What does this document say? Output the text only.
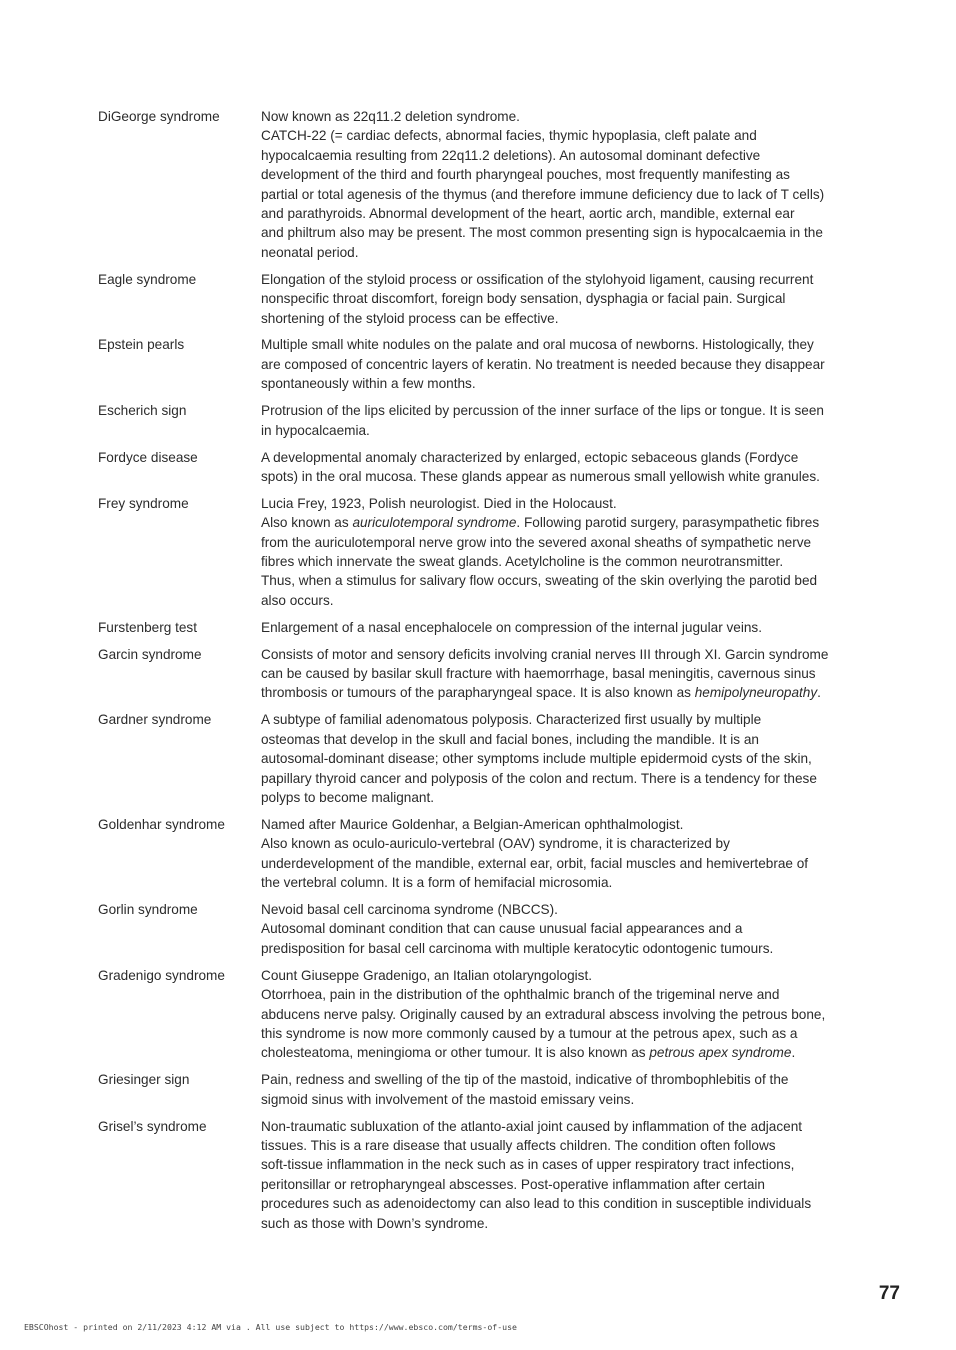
DiGeorge syndrome	Now known as 22q11.2 deletion syndrome.
CATCH-22 (= cardiac defects, abnormal facies, thymic hypoplasia, cleft palate and
hypocalcaemia resulting from 22q11.2 deletions). An autosomal dominant defective
development of the third and fourth pharyngeal pouches, most frequently manifesting as
partial or total agenesis of the thymus (and therefore immune deficiency due to lack of T cells)
and parathyroids. Abnormal development of the heart, aortic arch, mandible, external ear
and philtrum also may be present. The most common presenting sign is hypocalcaemia in the
neonatal period.
Eagle syndrome	Elongation of the styloid process or ossification of the stylohyoid ligament, causing recurrent
nonspecific throat discomfort, foreign body sensation, dysphagia or facial pain. Surgical
shortening of the styloid process can be effective.
Epstein pearls	Multiple small white nodules on the palate and oral mucosa of newborns. Histologically, they
are composed of concentric layers of keratin. No treatment is needed because they disappear
spontaneously within a few months.
Escherich sign	Protrusion of the lips elicited by percussion of the inner surface of the lips or tongue. It is seen
in hypocalcaemia.
Fordyce disease	A developmental anomaly characterized by enlarged, ectopic sebaceous glands (Fordyce
spots) in the oral mucosa. These glands appear as numerous small yellowish white granules.
Frey syndrome	Lucia Frey, 1923, Polish neurologist. Died in the Holocaust.
Also known as auriculotemporal syndrome. Following parotid surgery, parasympathetic fibres
from the auriculotemporal nerve grow into the severed axonal sheaths of sympathetic nerve
fibres which innervate the sweat glands. Acetylcholine is the common neurotransmitter.
Thus, when a stimulus for salivary flow occurs, sweating of the skin overlying the parotid bed
also occurs.
Furstenberg test	Enlargement of a nasal encephalocele on compression of the internal jugular veins.
Garcin syndrome	Consists of motor and sensory deficits involving cranial nerves III through XI. Garcin syndrome
can be caused by basilar skull fracture with haemorrhage, basal meningitis, cavernous sinus
thrombosis or tumours of the parapharyngeal space. It is also known as hemipolyneuropathy.
Gardner syndrome	A subtype of familial adenomatous polyposis. Characterized first usually by multiple
osteomas that develop in the skull and facial bones, including the mandible. It is an
autosomal-dominant disease; other symptoms include multiple epidermoid cysts of the skin,
papillary thyroid cancer and polyposis of the colon and rectum. There is a tendency for these
polyps to become malignant.
Goldenhar syndrome	Named after Maurice Goldenhar, a Belgian-American ophthalmologist.
Also known as oculo-auriculo-vertebral (OAV) syndrome, it is characterized by
underdevelopment of the mandible, external ear, orbit, facial muscles and hemivertebrae of
the vertebral column. It is a form of hemifacial microsomia.
Gorlin syndrome	Nevoid basal cell carcinoma syndrome (NBCCS).
Autosomal dominant condition that can cause unusual facial appearances and a
predisposition for basal cell carcinoma with multiple keratocytic odontogenic tumours.
Gradenigo syndrome	Count Giuseppe Gradenigo, an Italian otolaryngologist.
Otorrhoea, pain in the distribution of the ophthalmic branch of the trigeminal nerve and
abducens nerve palsy. Originally caused by an extradural abscess involving the petrous bone,
this syndrome is now more commonly caused by a tumour at the petrous apex, such as a
cholesteatoma, meningioma or other tumour. It is also known as petrous apex syndrome.
Griesinger sign	Pain, redness and swelling of the tip of the mastoid, indicative of thrombophlebitis of the
sigmoid sinus with involvement of the mastoid emissary veins.
Grisel’s syndrome	Non-traumatic subluxation of the atlanto-axial joint caused by inflammation of the adjacent
tissues. This is a rare disease that usually affects children. The condition often follows
soft-tissue inflammation in the neck such as in cases of upper respiratory tract infections,
peritonsillar or retropharyngeal abscesses. Post-operative inflammation after certain
procedures such as adenoidectomy can also lead to this condition in susceptible individuals
such as those with Down’s syndrome.
77
EBSCOhost - printed on 2/11/2023 4:12 AM via . All use subject to https://www.ebsco.com/terms-of-use
